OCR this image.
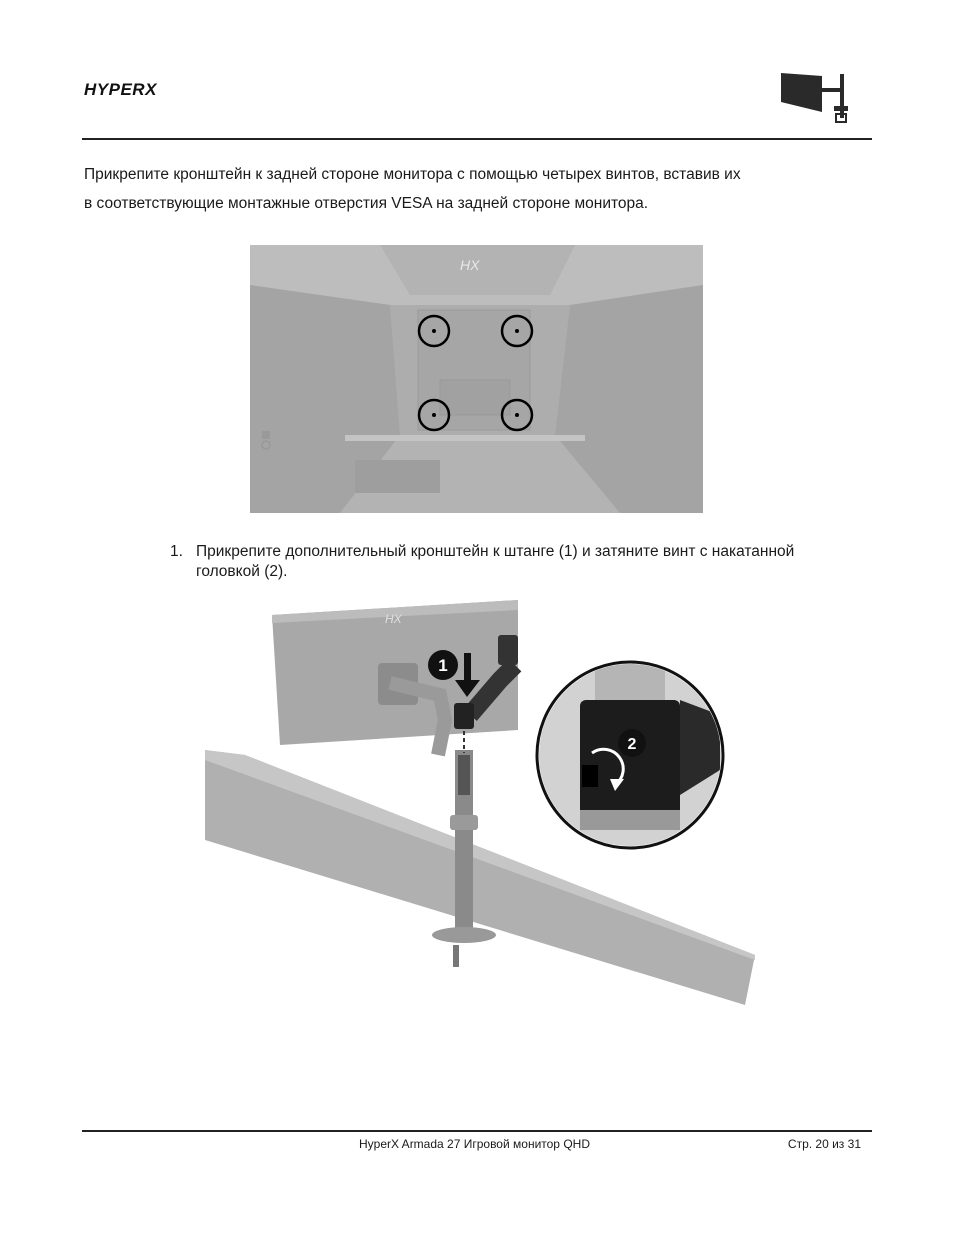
HYPERX

Прикрепите кронштейн к задней стороне монитора с помощью четырех винтов, вставив их
в соответствующие монтажные отверстия VESA на задней стороне монитора.

HX
1. Прикрепите дополнительный кронштейн к штанге (1) и затяните винт с накатанной головкой (2).
HX
1
2
HyperX Armada 27 Игровой монитор QHD	Стр. 20 из 31
